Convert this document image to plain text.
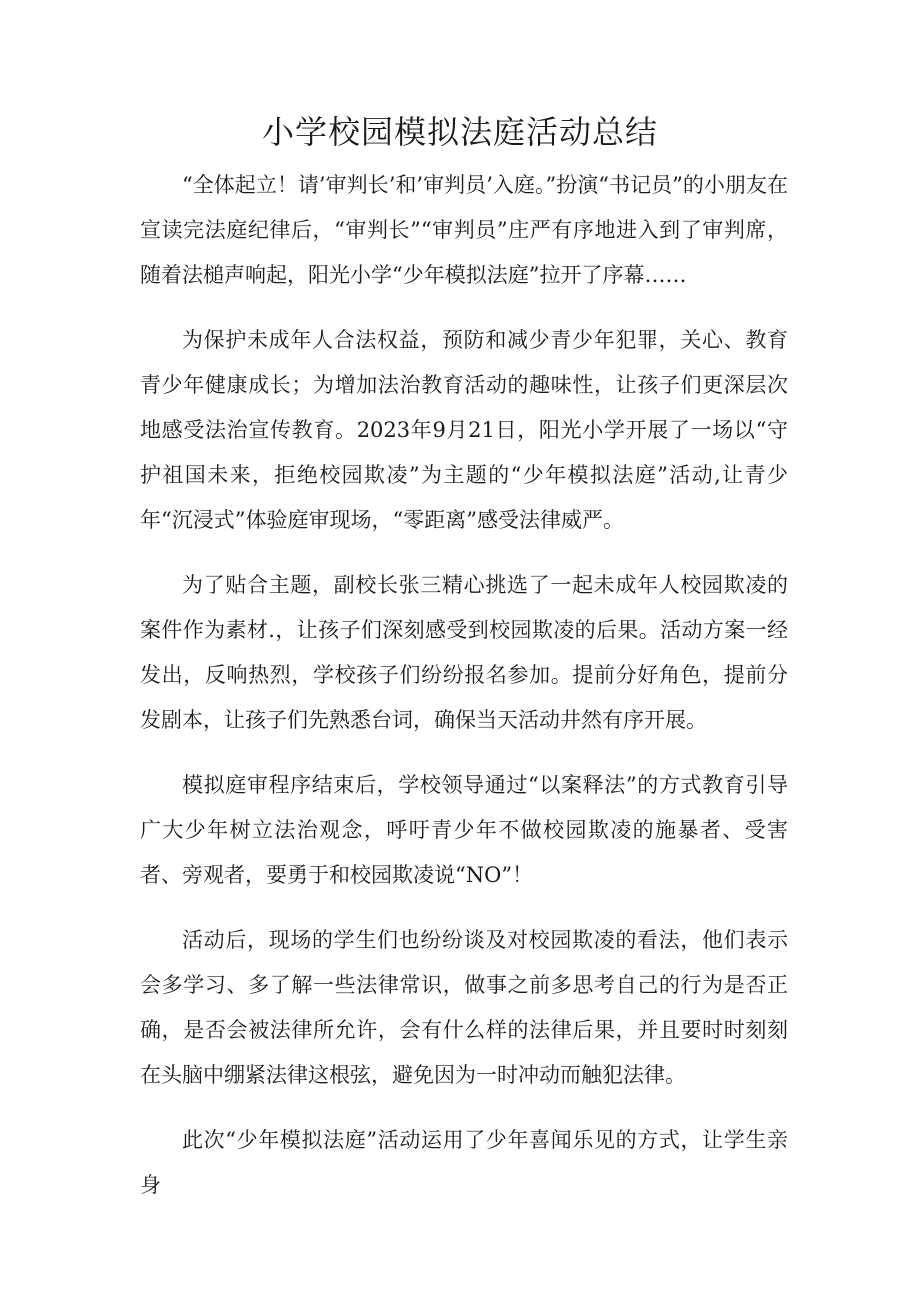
小学校园模拟法庭活动总结

“全体起立！请’审判长’和’审判员’入庭。”扮演“书记员”的小朋友在宣读完法庭纪律后，“审判长”“审判员”庄严有序地进入到了审判席，随着法槌声响起，阳光小学“少年模拟法庭”拉开了序幕……

为保护未成年人合法权益，预防和减少青少年犯罪，关心、教育青少年健康成长；为增加法治教育活动的趣味性，让孩子们更深层次地感受法治宣传教育。2023年9月21日，阳光小学开展了一场以“守护祖国未来，拒绝校园欺凌”为主题的“少年模拟法庭”活动,让青少年“沉浸式”体验庭审现场，“零距离”感受法律威严。

为了贴合主题，副校长张三精心挑选了一起未成年人校园欺凌的案件作为素材.，让孩子们深刻感受到校园欺凌的后果。活动方案一经发出，反响热烈，学校孩子们纷纷报名参加。提前分好角色，提前分发剧本，让孩子们先熟悉台词，确保当天活动井然有序开展。

模拟庭审程序结束后，学校领导通过“以案释法”的方式教育引导广大少年树立法治观念，呼吁青少年不做校园欺凌的施暴者、受害者、旁观者，要勇于和校园欺凌说“NO”！

活动后，现场的学生们也纷纷谈及对校园欺凌的看法，他们表示会多学习、多了解一些法律常识，做事之前多思考自己的行为是否正确，是否会被法律所允许，会有什么样的法律后果，并且要时时刻刻在头脑中绷紧法律这根弦，避免因为一时冲动而触犯法律。

此次“少年模拟法庭”活动运用了少年喜闻乐见的方式，让学生亲身
